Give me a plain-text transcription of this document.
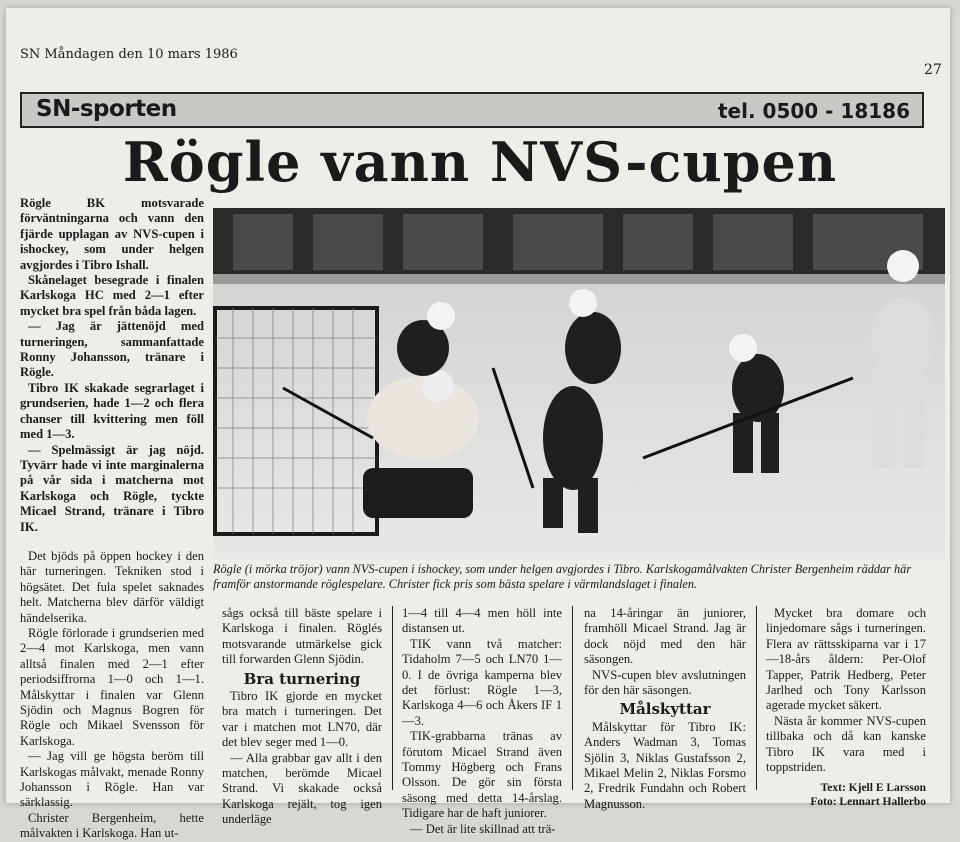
SN Måndagen den 10 mars 1986
27
SN-sporten	tel. 0500 - 18186
Rögle vann NVS-cupen

Rögle BK motsvarade förväntningarna och vann den fjärde upplagan av NVS-cupen i ishockey, som under helgen avgjordes i Tibro Ishall.

Skånelaget besegrade i finalen Karlskoga HC med 2—1 efter mycket bra spel från båda lagen.

— Jag är jättenöjd med turneringen, sammanfattade Ronny Johansson, tränare i Rögle.

Tibro IK skakade segrarlaget i grundserien, hade 1—2 och flera chanser till kvittering men föll med 1—3.

— Spelmässigt är jag nöjd. Tyvärr hade vi inte marginalerna på vår sida i matcherna mot Karlskoga och Rögle, tyckte Micael Strand, tränare i Tibro IK.

Det bjöds på öppen hockey i den här turneringen. Tekniken stod i högsätet. Det fula spelet saknades helt. Matcherna blev därför väldigt händelserika.

Rögle förlorade i grundserien med 2—4 mot Karlskoga, men vann alltså finalen med 2—1 efter periodsiffrorna 1—0 och 1—1. Målskyttar i finalen var Glenn Sjödin och Magnus Bogren för Rögle och Mikael Svensson för Karlskoga.

— Jag vill ge högsta beröm till Karlskogas målvakt, menade Ronny Johansson i Rögle. Han var särklassig.

Christer Bergenheim, hette målvakten i Karlskoga. Han ut-

Rögle (i mörka tröjor) vann NVS-cupen i ishockey, som under helgen avgjordes i Tibro. Karlskogamålvakten Christer Bergenheim räddar här framför anstormande röglespelare. Christer fick pris som bästa spelare i värmlandslaget i finalen.

sågs också till bäste spelare i Karlskoga i finalen. Röglés motsvarande utmärkelse gick till forwarden Glenn Sjödin.

Bra turnering

Tibro IK gjorde en mycket bra match i turneringen. Det var i matchen mot LN70, där det blev seger med 1—0.

— Alla grabbar gav allt i den matchen, berömde Micael Strand. Vi skakade också Karlskoga rejält, tog igen underläge

1—4 till 4—4 men höll inte distansen ut.

TIK vann två matcher: Tidaholm 7—5 och LN70 1—0. I de övriga kamperna blev det förlust: Rögle 1—3, Karlskoga 4—6 och Åkers IF 1—3.

TIK-grabbarna tränas av förutom Micael Strand även Tommy Högberg och Frans Olsson. De gör sin första säsong med detta 14-årslag. Tidigare har de haft juniorer.

— Det är lite skillnad att trä-

na 14-åringar än juniorer, framhöll Micael Strand. Jag är dock nöjd med den här säsongen.

NVS-cupen blev avslutningen för den här säsongen.

Målskyttar

Målskyttar för Tibro IK: Anders Wadman 3, Tomas Sjölin 3, Niklas Gustafsson 2, Mikael Melin 2, Niklas Forsmo 2, Fredrik Fundahn och Robert Magnusson.

Mycket bra domare och linjedomare sågs i turneringen. Flera av rättsskiparna var i 17—18-års åldern: Per-Olof Tapper, Patrik Hedberg, Peter Jarlhed och Tony Karlsson agerade mycket säkert.

Nästa år kommer NVS-cupen tillbaka och då kan kanske Tibro IK vara med i toppstriden.

Text: Kjell E Larsson
Foto: Lennart Hallerbo
